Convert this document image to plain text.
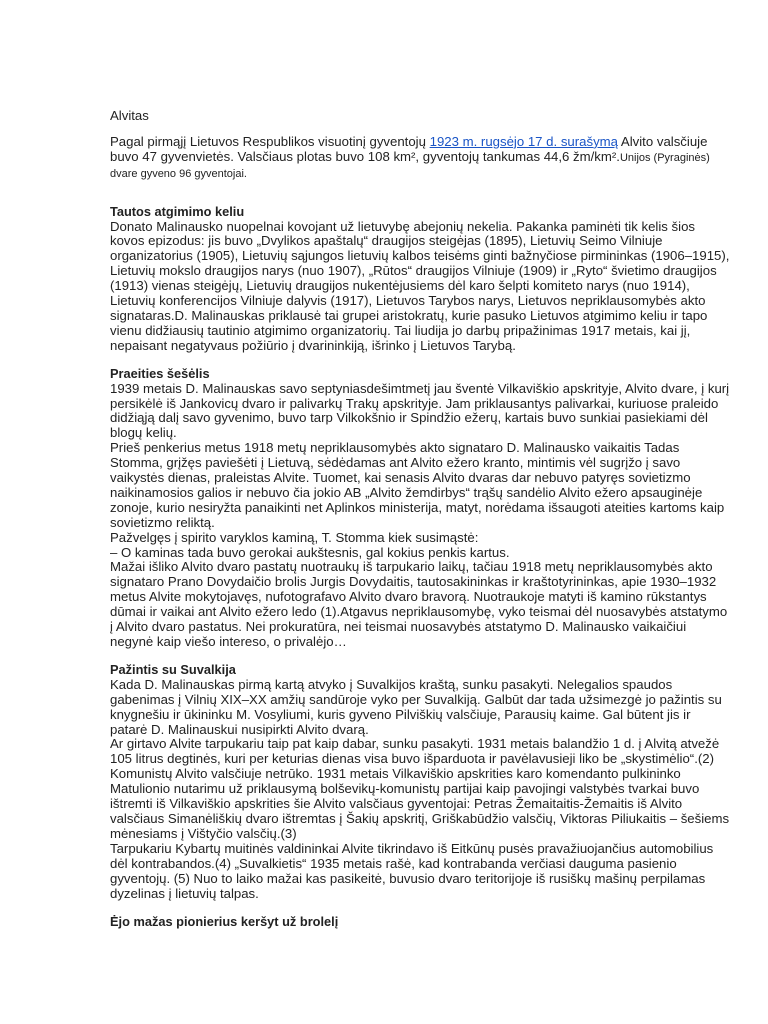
Alvitas

Pagal pirmąjį Lietuvos Respublikos visuotinį gyventojų 1923 m. rugsėjo 17 d. surašymą Alvito valsčiuje buvo 47 gyvenvietės. Valsčiaus plotas buvo 108 km², gyventojų tankumas 44,6 žm/km².Unijos (Pyraginės) dvare gyveno 96 gyventojai.

Tautos atgimimo keliu

Donato Malinausko nuopelnai kovojant už lietuvybę abejonių nekelia. Pakanka paminėti tik kelis šios kovos epizodus: jis buvo „Dvylikos apaštalų“ draugijos steigėjas (1895), Lietuvių Seimo Vilniuje organizatorius (1905), Lietuvių sąjungos lietuvių kalbos teisėms ginti bažnyčiose pirmininkas (1906–1915), Lietuvių mokslo draugijos narys (nuo 1907), „Rūtos“ draugijos Vilniuje (1909) ir „Ryto“ švietimo draugijos (1913) vienas steigėjų, Lietuvių draugijos nukentėjusiems dėl karo šelpti komiteto narys (nuo 1914), Lietuvių konferencijos Vilniuje dalyvis (1917), Lietuvos Tarybos narys, Lietuvos nepriklausomybės akto signataras.D. Malinauskas priklausė tai grupei aristokratų, kurie pasuko Lietuvos atgimimo keliu ir tapo vienu didžiausių tautinio atgimimo organizatorių. Tai liudija jo darbų pripažinimas 1917 metais, kai jį, nepaisant negatyvaus požiūrio į dvarininkiją, išrinko į Lietuvos Tarybą.

Praeities šešėlis

1939 metais D. Malinauskas savo septyniasdešimtmetį jau šventė Vilkaviškio apskrityje, Alvito dvare, į kurį persikėlė iš Jankovicų dvaro ir palivarkų Trakų apskrityje. Jam priklausantys palivarkai, kuriuose praleido didžiąją dalį savo gyvenimo, buvo tarp Vilkokšnio ir Spindžio ežerų, kartais buvo sunkiai pasiekiami dėl blogų kelių.

Prieš penkerius metus 1918 metų nepriklausomybės akto signataro D. Malinausko vaikaitis Tadas Stomma, grįžęs paviešėti į Lietuvą, sėdėdamas ant Alvito ežero kranto, mintimis vėl sugrįžo į savo vaikystės dienas, praleistas Alvite. Tuomet, kai senasis Alvito dvaras dar nebuvo patyręs sovietizmo naikinamosios galios ir nebuvo čia jokio AB „Alvito žemdirbys“ trąšų sandėlio Alvito ežero apsauginėje zonoje, kurio nesiryžta panaikinti net Aplinkos ministerija, matyt, norėdama išsaugoti ateities kartoms kaip sovietizmo reliktą.

Pažvelgęs į spirito varyklos kaminą, T. Stomma kiek susimąstė:

– O kaminas tada buvo gerokai aukštesnis, gal kokius penkis kartus.

Mažai išliko Alvito dvaro pastatų nuotraukų iš tarpukario laikų, tačiau 1918 metų nepriklausomybės akto signataro Prano Dovydaičio brolis Jurgis Dovydaitis, tautosakininkas ir kraštotyrininkas, apie 1930–1932 metus Alvite mokytojavęs, nufotografavo Alvito dvaro bravorą. Nuotraukoje matyti iš kamino rūkstantys dūmai ir vaikai ant Alvito ežero ledo (1).Atgavus nepriklausomybę, vyko teismai dėl nuosavybės atstatymo į Alvito dvaro pastatus. Nei prokuratūra, nei teismai nuosavybės atstatymo D. Malinausko vaikaičiui negynė kaip viešo intereso, o privalėjo…

Pažintis su Suvalkija

Kada D. Malinauskas pirmą kartą atvyko į Suvalkijos kraštą, sunku pasakyti. Nelegalios spaudos gabenimas į Vilnių XIX–XX amžių sandūroje vyko per Suvalkiją. Galbūt dar tada užsimezgė jo pažintis su knygnešiu ir ūkininku M. Vosyliumi, kuris gyveno Pilviškių valsčiuje, Parausių kaime. Gal būtent jis ir patarė D. Malinauskui nusipirkti Alvito dvarą.

Ar girtavo Alvite tarpukariu taip pat kaip dabar, sunku pasakyti. 1931 metais balandžio 1 d. į Alvitą atvežė 105 litrus degtinės, kuri per keturias dienas visa buvo išparduota ir pavėlavusieji liko be „skystimėlio“.(2)

Komunistų Alvito valsčiuje netrūko. 1931 metais Vilkaviškio apskrities karo komendanto pulkininko Matulionio nutarimu už priklausymą bolševikų-komunistų partijai kaip pavojingi valstybės tvarkai buvo ištremti iš Vilkaviškio apskrities šie Alvito valsčiaus gyventojai: Petras Žemaitaitis-Žemaitis iš Alvito valsčiaus Simanėliškių dvaro ištremtas į Šakių apskritį, Griškabūdžio valsčių, Viktoras Piliukaitis – šešiems mėnesiams į Vištyčio valsčių.(3)

Tarpukariu Kybartų muitinės valdininkai Alvite tikrindavo iš Eitkūnų pusės pravažiuojančius automobilius dėl kontrabandos.(4) „Suvalkietis“ 1935 metais rašė, kad kontrabanda verčiasi dauguma pasienio gyventojų. (5) Nuo to laiko mažai kas pasikeitė, buvusio dvaro teritorijoje iš rusiškų mašinų perpilamas dyzelinas į lietuvių talpas.

Ėjo mažas pionierius keršyt už brolelį
